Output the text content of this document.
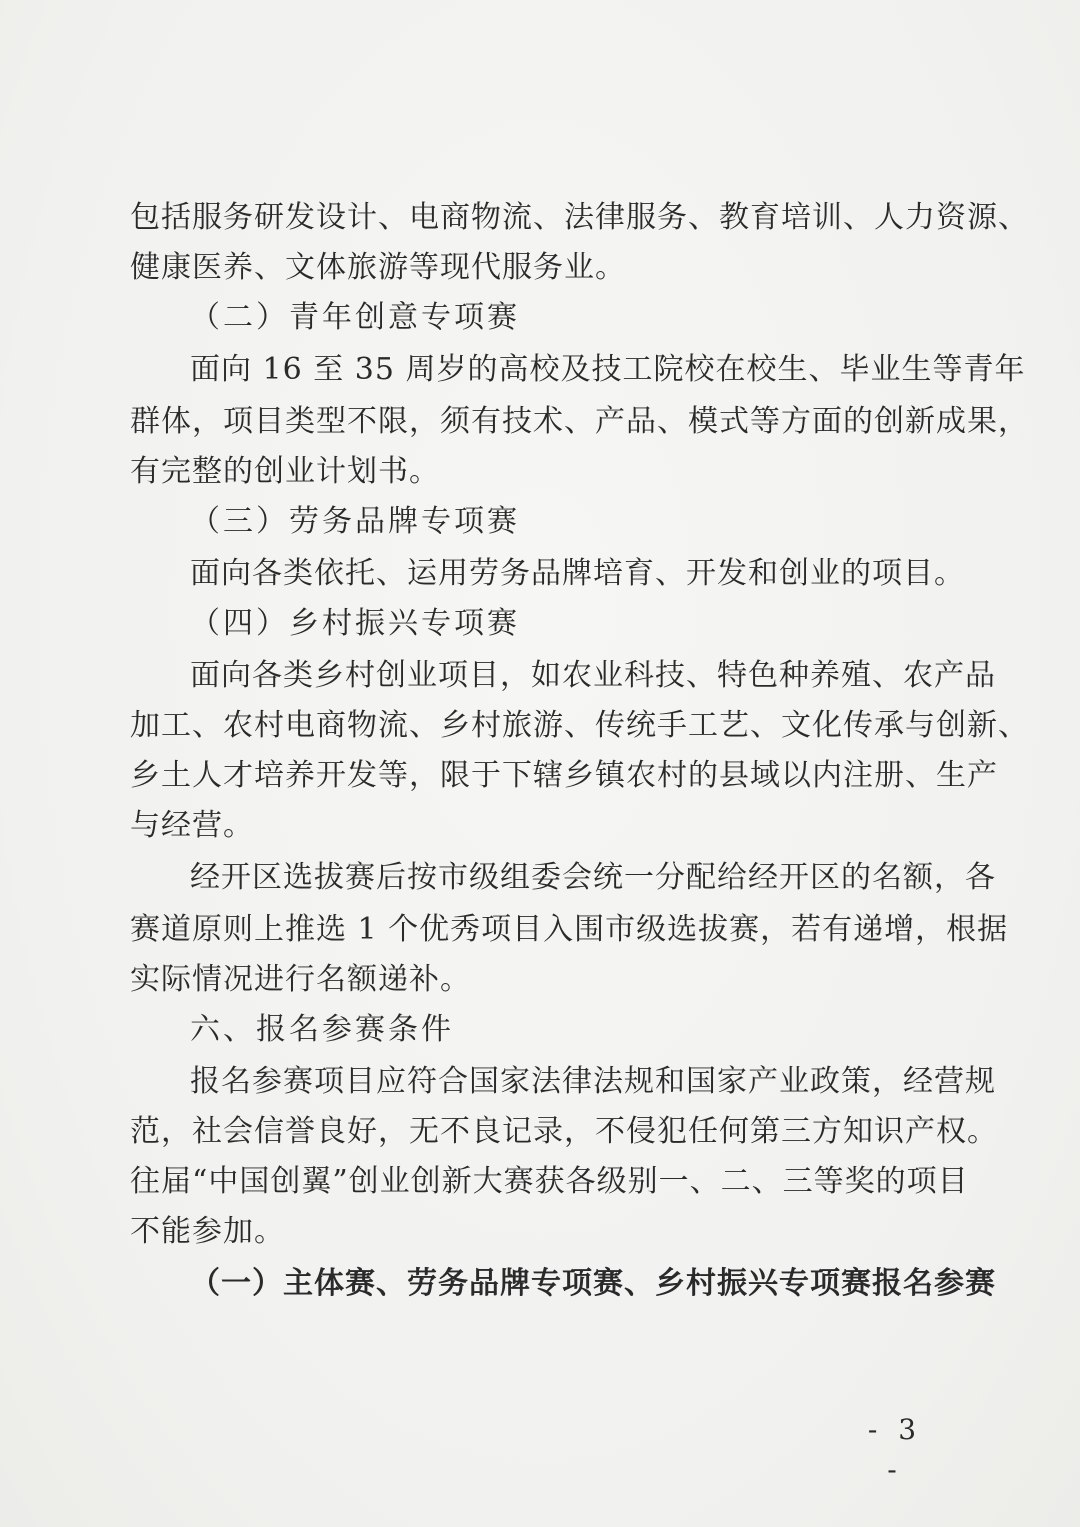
包括服务研发设计、电商物流、法律服务、教育培训、人力资源、
健康医养、文体旅游等现代服务业。
（二）青年创意专项赛
面向 16 至 35 周岁的高校及技工院校在校生、毕业生等青年
群体，项目类型不限，须有技术、产品、模式等方面的创新成果，
有完整的创业计划书。
（三）劳务品牌专项赛
面向各类依托、运用劳务品牌培育、开发和创业的项目。
（四）乡村振兴专项赛
面向各类乡村创业项目，如农业科技、特色种养殖、农产品
加工、农村电商物流、乡村旅游、传统手工艺、文化传承与创新、
乡土人才培养开发等，限于下辖乡镇农村的县域以内注册、生产
与经营。
经开区选拔赛后按市级组委会统一分配给经开区的名额，各
赛道原则上推选 1 个优秀项目入围市级选拔赛，若有递增，根据
实际情况进行名额递补。
六、报名参赛条件
报名参赛项目应符合国家法律法规和国家产业政策，经营规
范，社会信誉良好，无不良记录，不侵犯任何第三方知识产权。
往届“中国创翼”创业创新大赛获各级别一、二、三等奖的项目
不能参加。
（一）主体赛、劳务品牌专项赛、乡村振兴专项赛报名参赛
- 3 -
